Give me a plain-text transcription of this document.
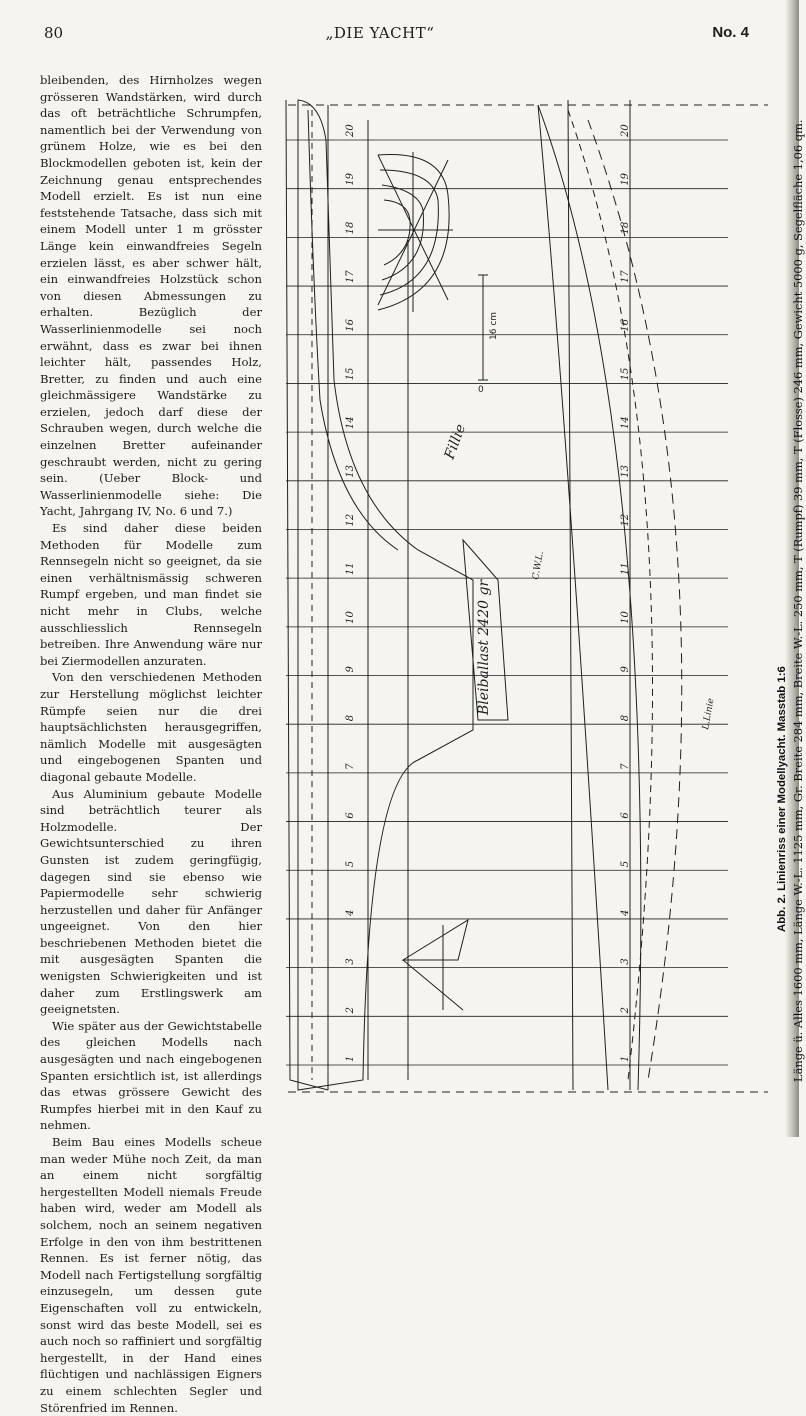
80	„DIE YACHT“	No. 4

bleibenden, des Hirnholzes wegen grösseren Wandstärken, wird durch das oft beträchtliche Schrumpfen, namentlich bei der Verwendung von grünem Holze, wie es bei den Blockmodellen geboten ist, kein der Zeichnung genau entsprechendes Modell erzielt. Es ist nun eine feststehende Tatsache, dass sich mit einem Modell unter 1 m grösster Länge kein einwandfreies Segeln erzielen lässt, es aber schwer hält, ein einwandfreies Holzstück schon von diesen Abmessungen zu erhalten. Bezüglich der Wasserlinienmodelle sei noch erwähnt, dass es zwar bei ihnen leichter hält, passendes Holz, Bretter, zu finden und auch eine gleichmässigere Wandstärke zu erzielen, jedoch darf diese der Schrauben wegen, durch welche die einzelnen Bretter aufeinander geschraubt werden, nicht zu gering sein. (Ueber Block- und Wasserlinienmodelle siehe: Die Yacht, Jahrgang IV, No. 6 und 7.)

Es sind daher diese beiden Methoden für Modelle zum Rennsegeln nicht so geeignet, da sie einen verhältnismässig schweren Rumpf ergeben, und man findet sie nicht mehr in Clubs, welche ausschliesslich Rennsegeln betreiben. Ihre Anwendung wäre nur bei Ziermodellen anzuraten.

Von den verschiedenen Methoden zur Herstellung möglichst leichter Rümpfe seien nur die drei hauptsächlichsten herausgegriffen, nämlich Modelle mit ausgesägten und eingebogenen Spanten und diagonal gebaute Modelle.

Aus Aluminium gebaute Modelle sind beträchtlich teurer als Holzmodelle. Der Gewichtsunterschied zu ihren Gunsten ist zudem geringfügig, dagegen sind sie ebenso wie Papiermodelle sehr schwierig herzustellen und daher für Anfänger ungeeignet. Von den hier beschriebenen Methoden bietet die mit ausgesägten Spanten die wenigsten Schwierigkeiten und ist daher zum Erstlingswerk am geeignetsten.

Wie später aus der Gewichtstabelle des gleichen Modells nach ausgesägten und nach eingebogenen Spanten ersichtlich ist, ist allerdings das etwas grössere Gewicht des Rumpfes hierbei mit in den Kauf zu nehmen.

Beim Bau eines Modells scheue man weder Mühe noch Zeit, da man an einem nicht sorgfältig hergestellten Modell niemals Freude haben wird, weder am Modell als solchem, noch an seinem negativen Erfolge in den von ihm bestrittenen Rennen. Es ist ferner nötig, das Modell nach Fertigstellung sorgfältig einzusegeln, um dessen gute Eigenschaften voll zu entwickeln, sonst wird das beste Modell, sei es auch noch so raffiniert und sorgfältig hergestellt, in der Hand eines flüchtigen und nachlässigen Eigners zu einem schlechten Segler und Störenfried im Rennen.

Bleiballast 2420 gr
16 cm
0
Fillie
C.W.L.
L.Linie
1	1
2	2
3	3
4	4
5	5
6	6
7	7
8	8
9	9
10	10
11	11
12	12
13	13
14	14
15	15
16	16
17	17
18	18
19	19
20	20
Abb. 2. Linienriss einer Modellyacht. Masstab 1:6 Länge ü. Alles 1600 mm, Länge W.-L. 1125 mm, Gr. Breite 284 mm, Breite W.-L. 250 mm, T (Rumpf) 39 mm, T (Flosse) 246 mm, Gewicht 5000 g, Segelfläche 1,06 qm.
